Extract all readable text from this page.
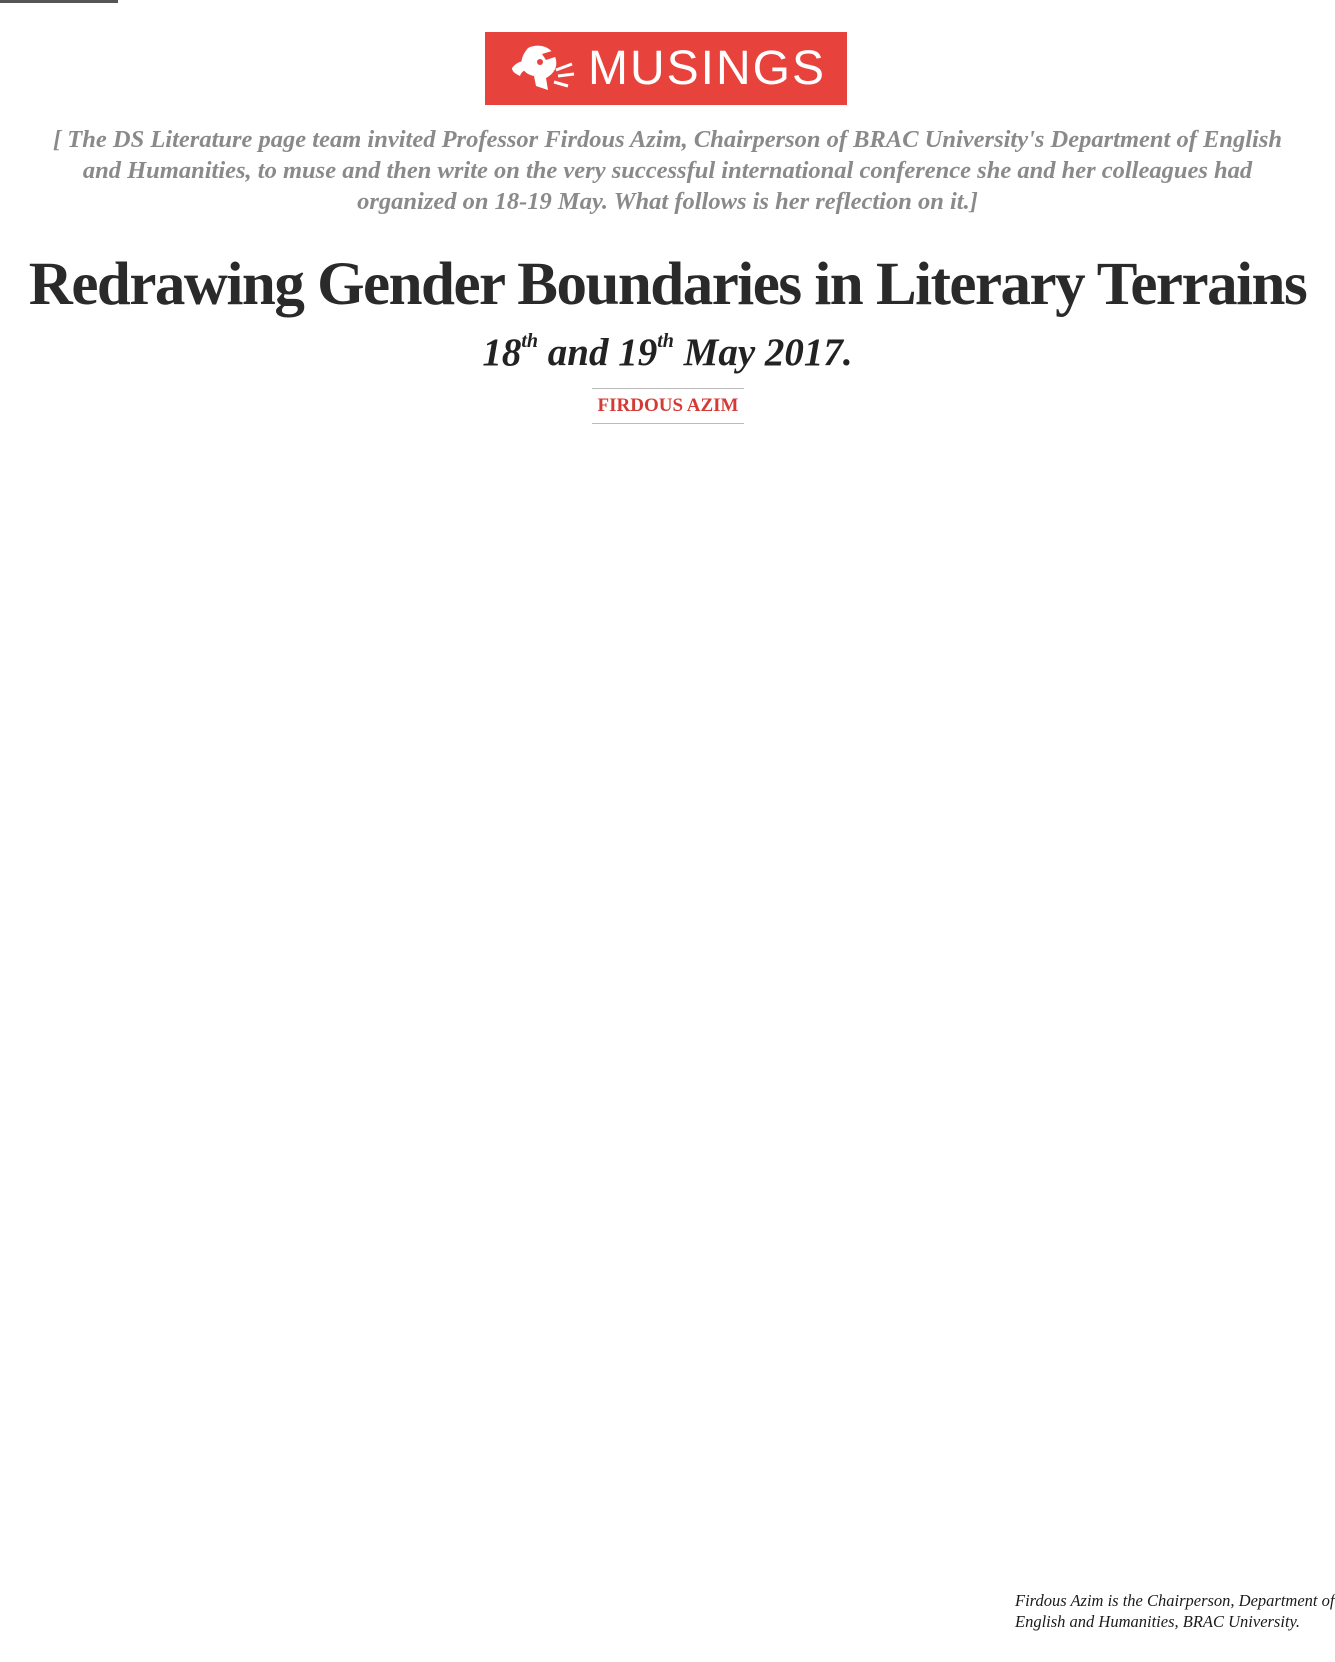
MUSINGS
[ The DS Literature page team invited Professor Firdous Azim, Chairperson of BRAC University's Department of English and Humanities, to muse and then write on the very successful international conference she and her colleagues had organized on 18-19 May. What follows is her reflection on it.]
Redrawing Gender Boundaries in Literary Terrains
18th and 19th May 2017.
FIRDOUS AZIM
Firdous Azim is the Chairperson, Department of English and Humanities, BRAC University.
